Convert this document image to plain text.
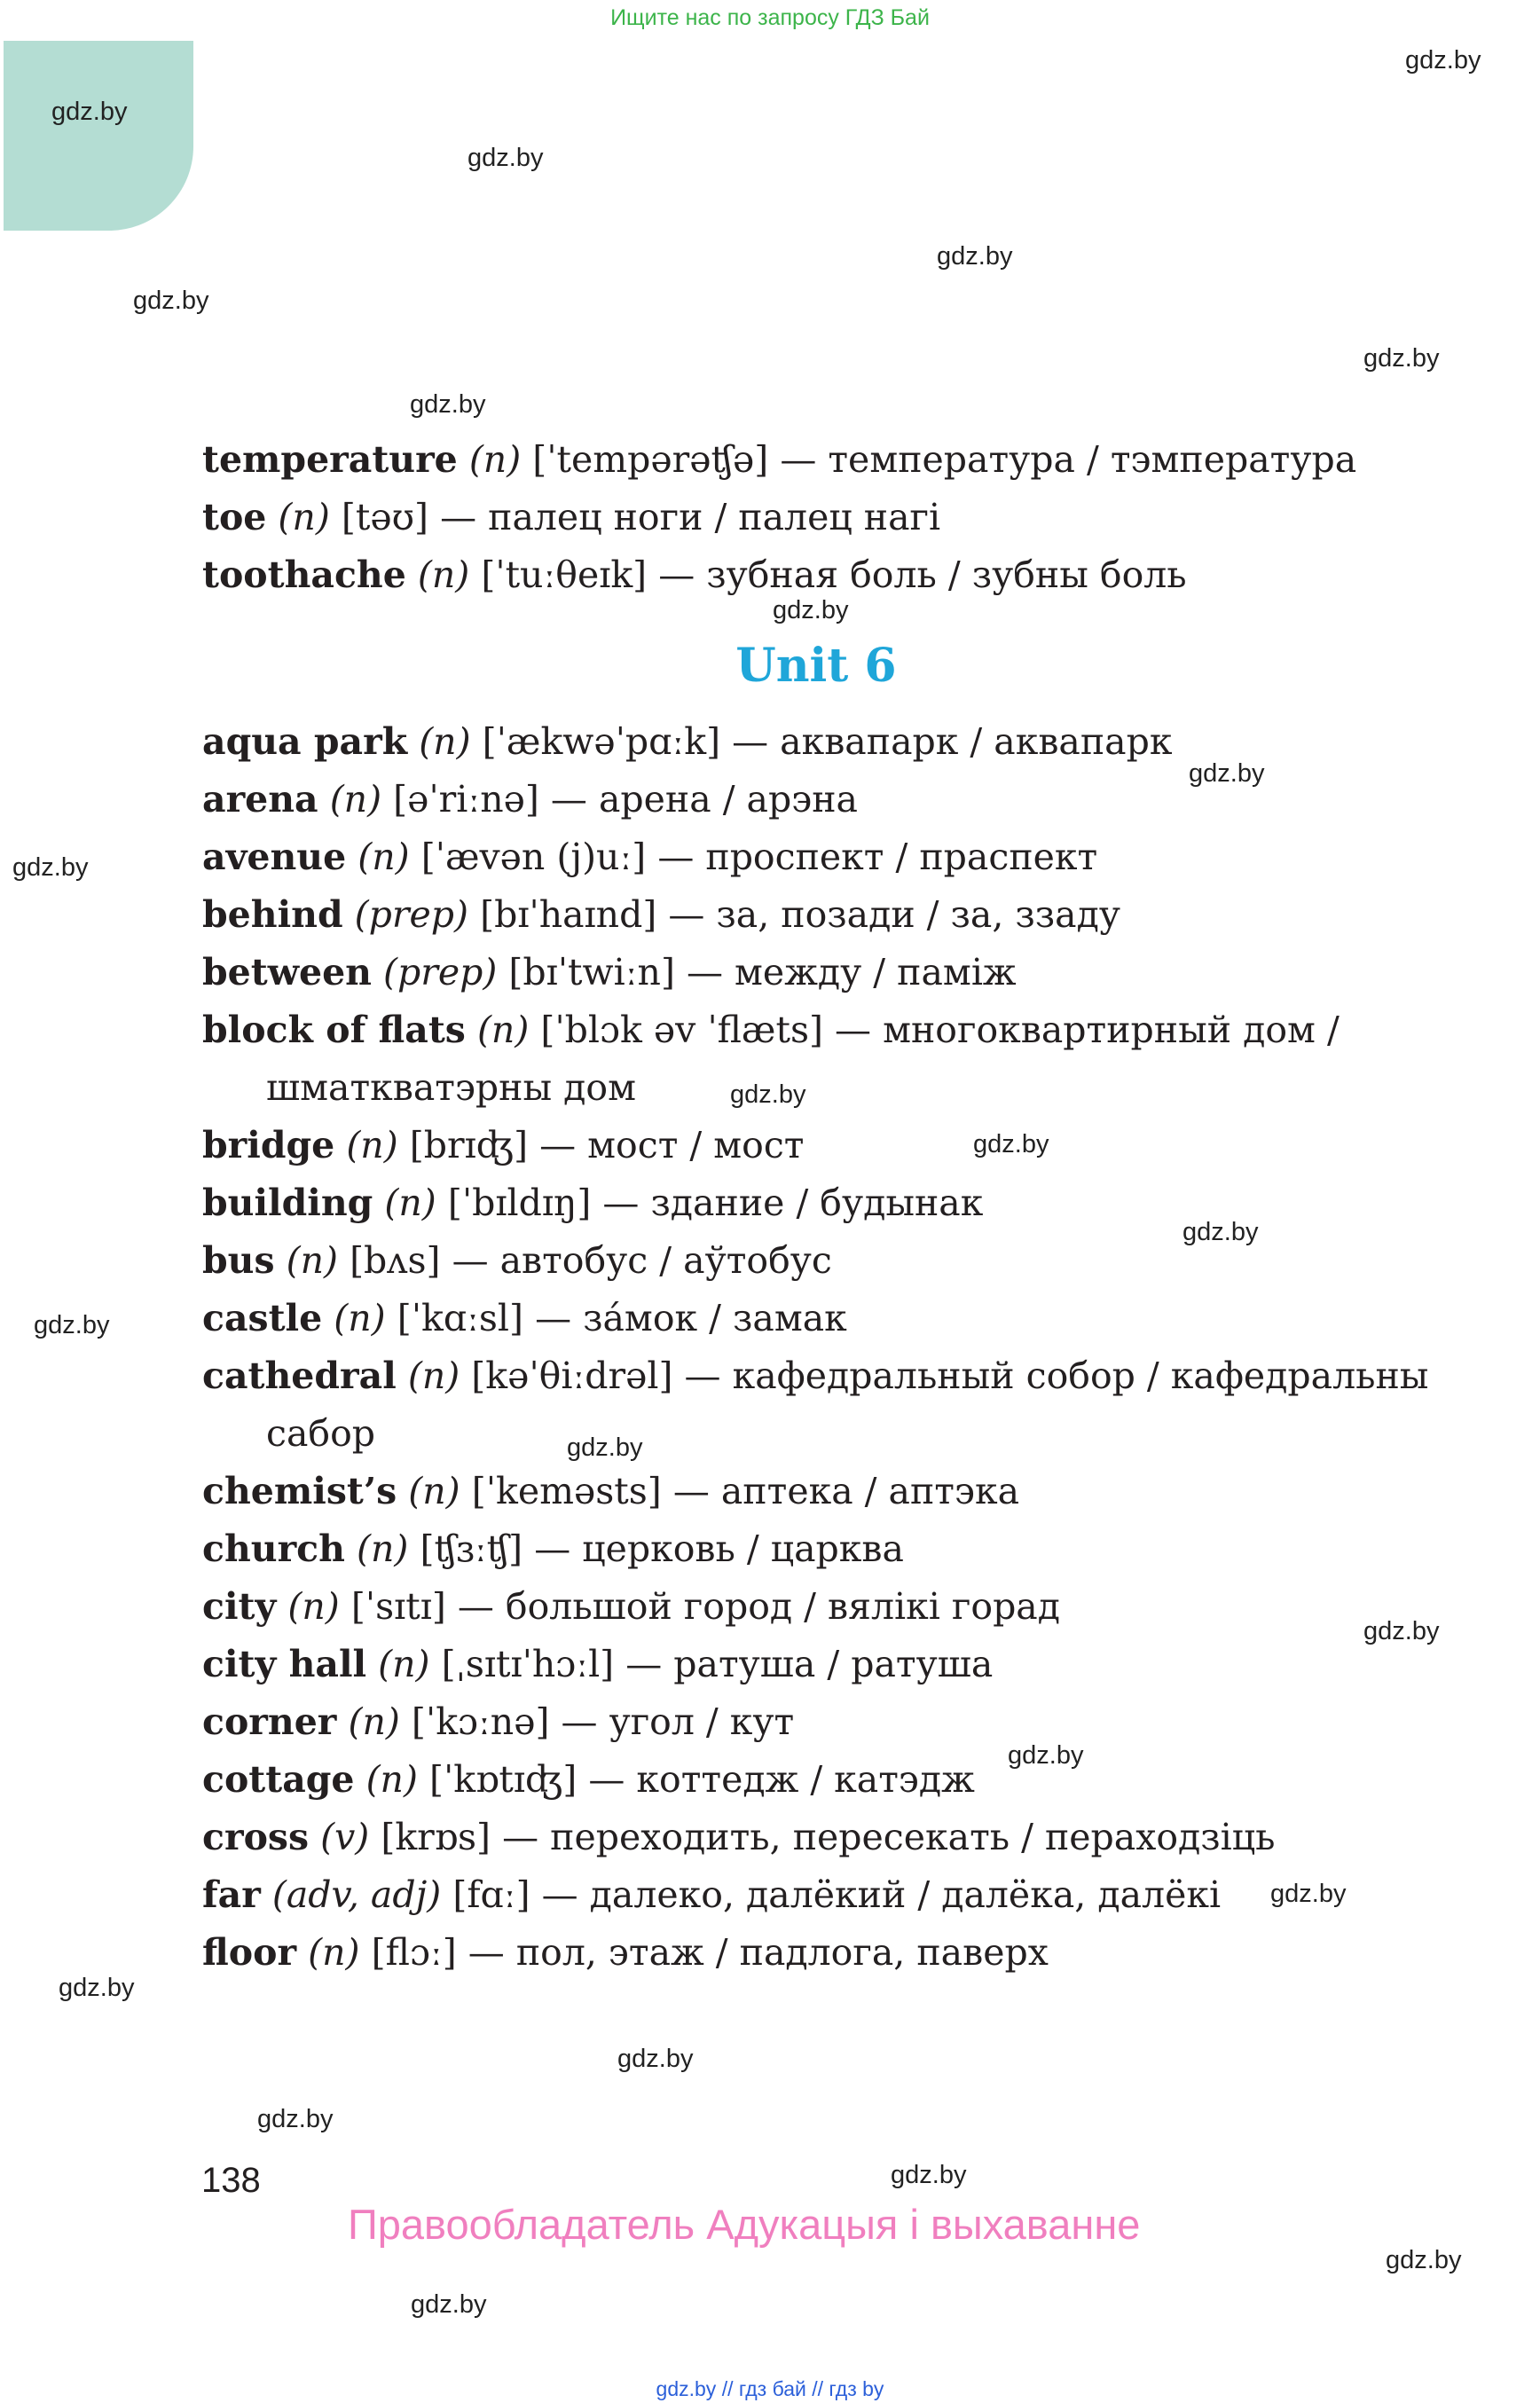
Ищите нас по запросу ГДЗ Бай
gdz.by
gdz.by
gdz.by
gdz.by
gdz.by
gdz.by
gdz.by
gdz.by
gdz.by
gdz.by
gdz.by
gdz.by
gdz.by
gdz.by
gdz.by
gdz.by
gdz.by
gdz.by
gdz.by
gdz.by
gdz.by
gdz.by
gdz.by
gdz.by
temperature (n) [ˈtempərəʧə] — температура / тэмпература
toe (n) [təʊ] — палец ноги / палец нагі
toothache (n) [ˈtuːθeɪk] — зубная боль / зубны боль
Unit 6
aqua park (n) [ˈækwəˈpɑːk] — аквапарк / аквапарк
arena (n) [əˈriːnə] — арена / арэна
avenue (n) [ˈævən (j)uː] — проспект / праспект
behind (prep) [bɪˈhaɪnd] — за, позади / за, ззаду
between (prep) [bɪˈtwiːn] — между / паміж
block of flats (n) [ˈblɔk əv ˈflæts] — многоквартирный дом /
шматкватэрны дом
bridge (n) [brɪʤ] — мост / мост
building (n) [ˈbɪldɪŋ] — здание / будынак
bus (n) [bʌs] — автобус / аўтобус
castle (n) [ˈkɑːsl] — за́мок / замак
cathedral (n) [kəˈθiːdrəl] — кафедральный собор / кафедральны
сабор
chemist’s (n) [ˈkeməsts] — аптека / аптэка
church (n) [ʧɜːʧ] — церковь / царква
city (n) [ˈsɪtɪ] — большой город / вялікі горад
city hall (n) [ˌsɪtɪˈhɔːl] — ратуша / ратуша
corner (n) [ˈkɔːnə] — угол / кут
cottage (n) [ˈkɒtɪʤ] — коттедж / катэдж
cross (v) [krɒs] — переходить, пересекать / пераходзіць
far (adv, adj) [fɑː] — далеко, далёкий / далёка, далёкі
floor (n) [flɔː] — пол, этаж / падлога, паверх
138
Правообладатель Адукацыя і выхаванне
gdz.by // гдз бай // гдз by
